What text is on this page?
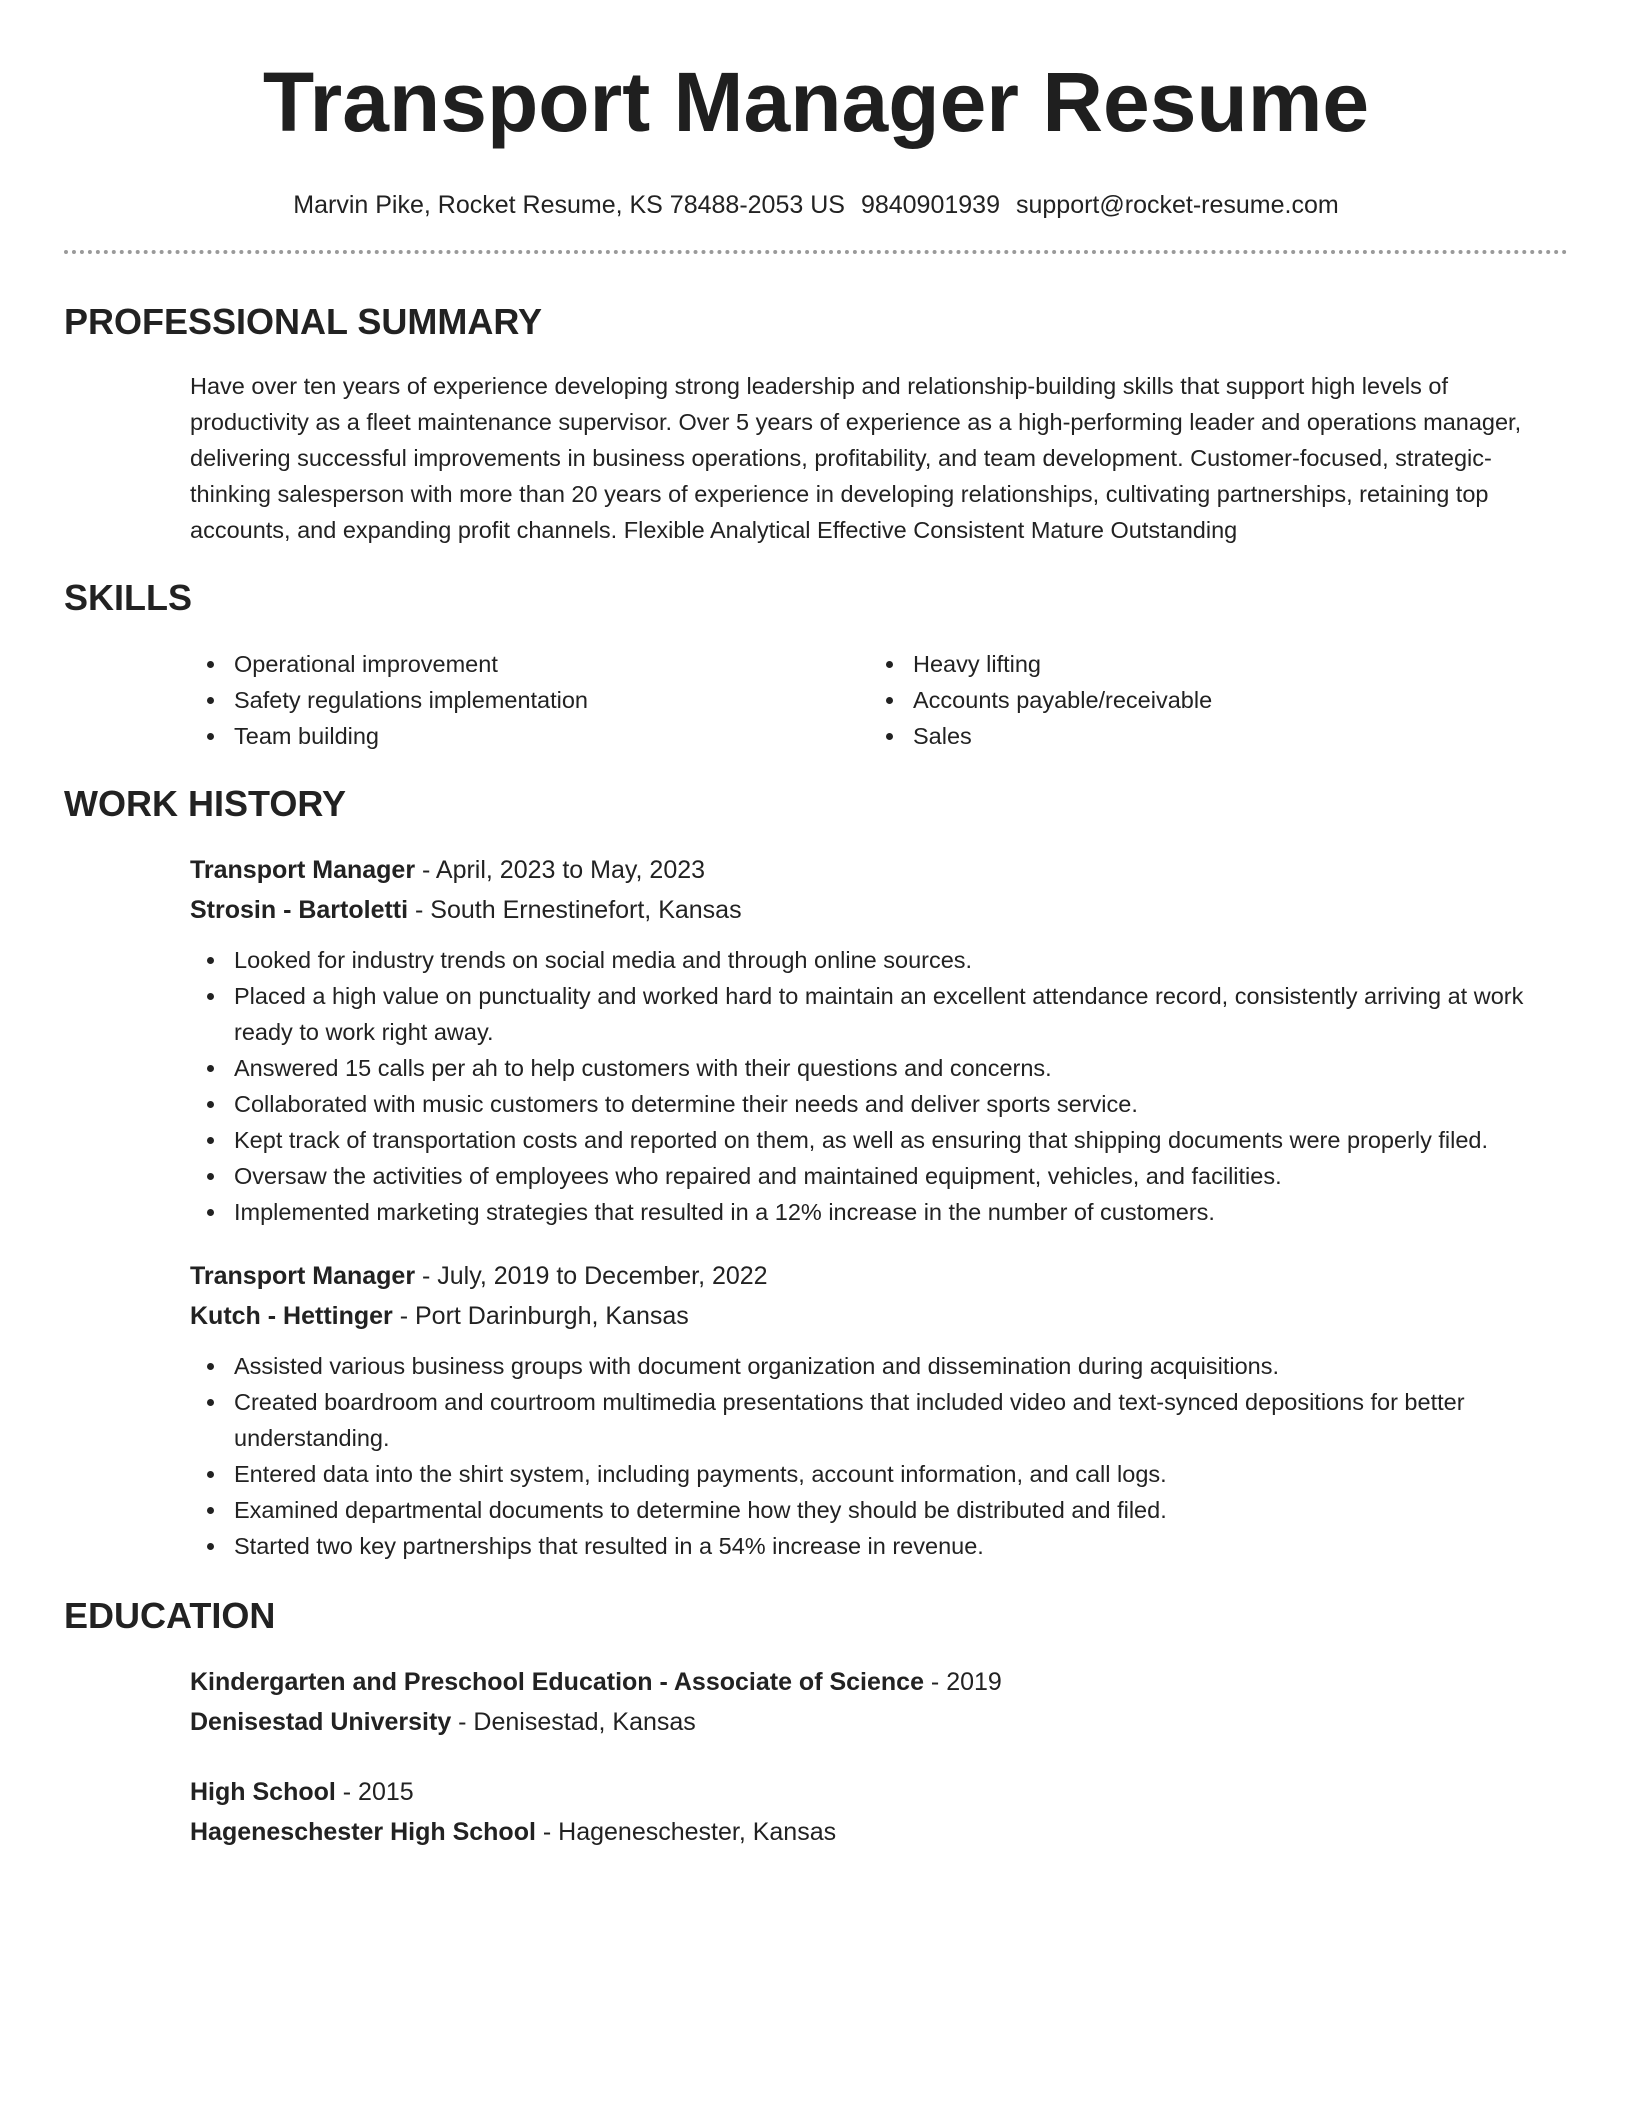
Transport Manager Resume
Marvin Pike, Rocket Resume, KS 78488-2053 US 9840901939 support@rocket-resume.com
PROFESSIONAL SUMMARY

Have over ten years of experience developing strong leadership and relationship-building skills that support high levels of productivity as a fleet maintenance supervisor. Over 5 years of experience as a high-performing leader and operations manager, delivering successful improvements in business operations, profitability, and team development. Customer-focused, strategic-thinking salesperson with more than 20 years of experience in developing relationships, cultivating partnerships, retaining top accounts, and expanding profit channels. Flexible Analytical Effective Consistent Mature Outstanding

SKILLS
Operational improvement
Safety regulations implementation
Team building
Heavy lifting
Accounts payable/receivable
Sales
WORK HISTORY
Transport Manager - April, 2023 to May, 2023
Strosin - Bartoletti - South Ernestinefort, Kansas
Looked for industry trends on social media and through online sources.
Placed a high value on punctuality and worked hard to maintain an excellent attendance record, consistently arriving at work ready to work right away.
Answered 15 calls per ah to help customers with their questions and concerns.
Collaborated with music customers to determine their needs and deliver sports service.
Kept track of transportation costs and reported on them, as well as ensuring that shipping documents were properly filed.
Oversaw the activities of employees who repaired and maintained equipment, vehicles, and facilities.
Implemented marketing strategies that resulted in a 12% increase in the number of customers.
Transport Manager - July, 2019 to December, 2022
Kutch - Hettinger - Port Darinburgh, Kansas
Assisted various business groups with document organization and dissemination during acquisitions.
Created boardroom and courtroom multimedia presentations that included video and text-synced depositions for better understanding.
Entered data into the shirt system, including payments, account information, and call logs.
Examined departmental documents to determine how they should be distributed and filed.
Started two key partnerships that resulted in a 54% increase in revenue.
EDUCATION
Kindergarten and Preschool Education - Associate of Science - 2019
Denisestad University - Denisestad, Kansas
High School - 2015
Hageneschester High School - Hageneschester, Kansas
